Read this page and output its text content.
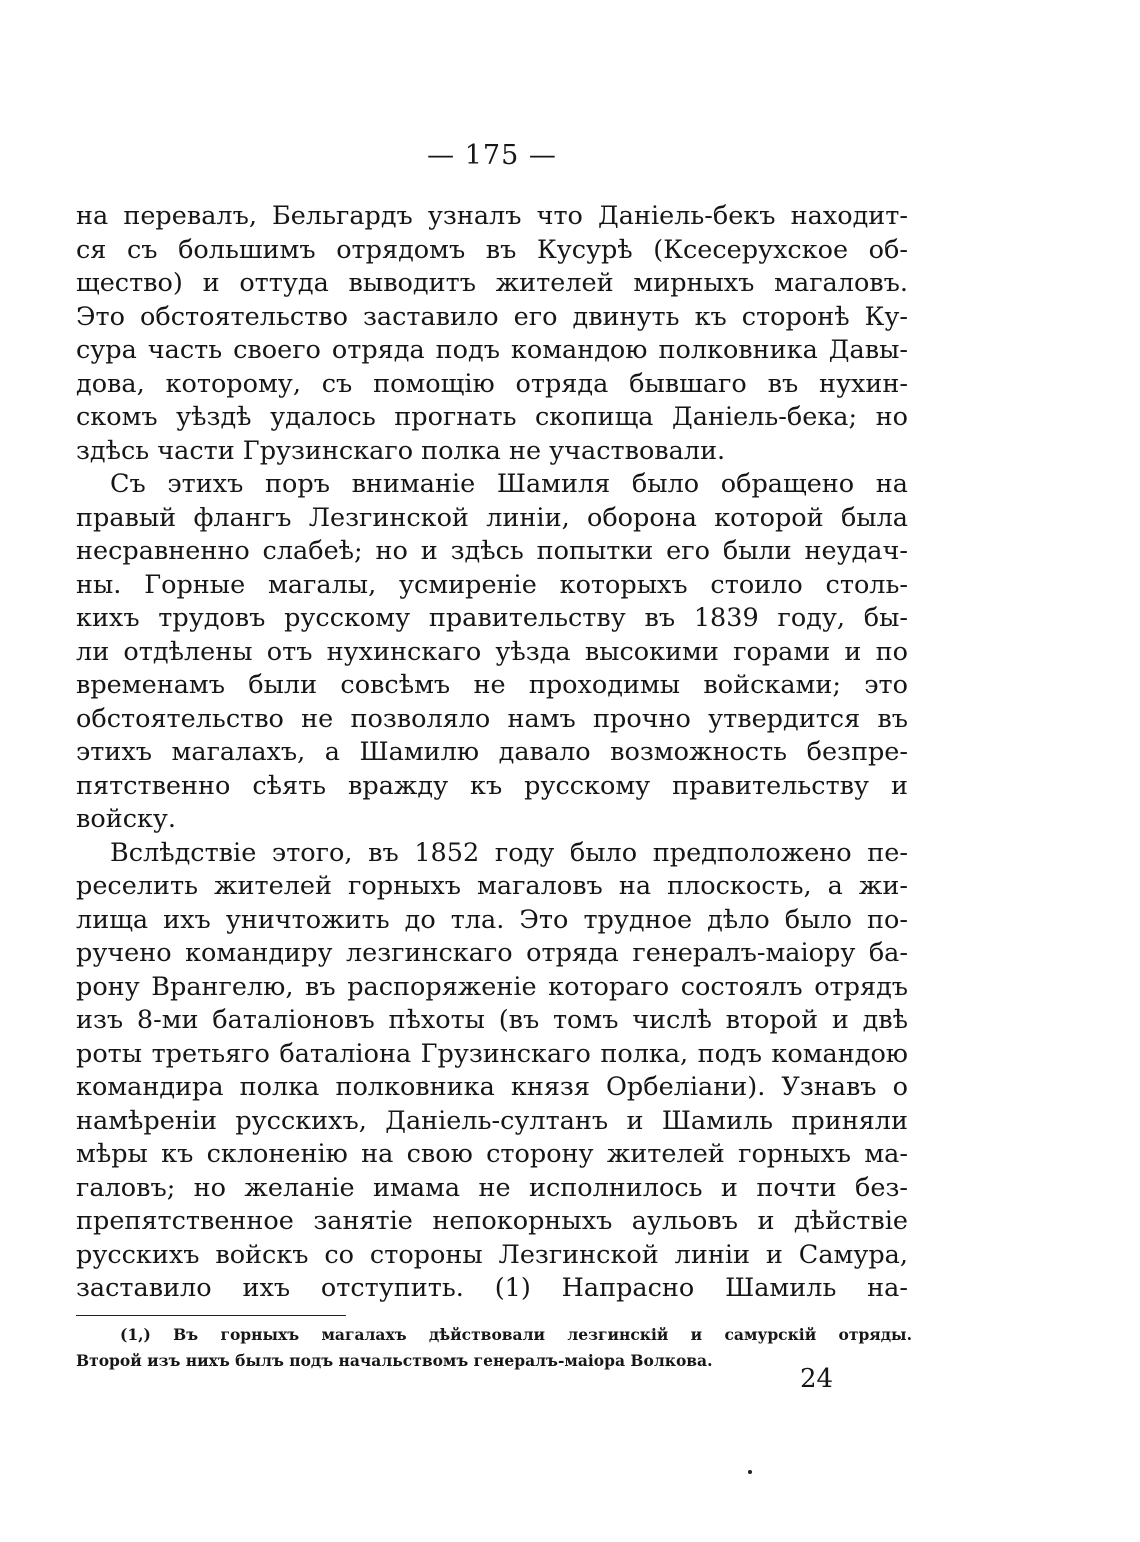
— 175 —
на перевалъ, Бельгардъ узналъ что Даніель-бекъ находит-
ся съ большимъ отрядомъ въ Кусурѣ (Ксесерухское об-
щество) и оттуда выводитъ жителей мирныхъ магаловъ.
Это обстоятельство заставило его двинуть къ сторонѣ Ку-
сура часть своего отряда подъ командою полковника Давы-
дова, которому, съ помощію отряда бывшаго въ нухин-
скомъ уѣздѣ удалось прогнать скопища Даніель-бека; но
здѣсь части Грузинскаго полка не участвовали.
Съ этихъ поръ вниманіе Шамиля было обращено на
правый флангъ Лезгинской линіи, оборона которой была
несравненно слабеѣ; но и здѣсь попытки его были неудач-
ны. Горные магалы, усмиреніе которыхъ стоило столь-
кихъ трудовъ русскому правительству въ 1839 году, бы-
ли отдѣлены отъ нухинскаго уѣзда высокими горами и по
временамъ были совсѣмъ не проходимы войсками; это
обстоятельство не позволяло намъ прочно утвердится въ
этихъ магалахъ, а Шамилю давало возможность безпре-
пятственно сѣять вражду къ русскому правительству и
войску.
Вслѣдствіе этого, въ 1852 году было предположено пе-
реселить жителей горныхъ магаловъ на плоскость, а жи-
лища ихъ уничтожить до тла. Это трудное дѣло было по-
ручено командиру лезгинскаго отряда генералъ-маіору ба-
рону Врангелю, въ распоряженіе котораго состоялъ отрядъ
изъ 8-ми баталіоновъ пѣхоты (въ томъ числѣ второй и двѣ
роты третьяго баталіона Грузинскаго полка, подъ командою
командира полка полковника князя Орбеліани). Узнавъ о
намѣреніи русскихъ, Даніель-султанъ и Шамиль приняли
мѣры къ склоненію на свою сторону жителей горныхъ ма-
галовъ; но желаніе имама не исполнилось и почти без-
препятственное занятіе непокорныхъ аульовъ и дѣйствіе
русскихъ войскъ со стороны Лезгинской линіи и Самура,
заставило ихъ отступить. (1) Напрасно Шамиль на-
(1,) Въ горныхъ магалахъ дѣйствовали лезгинскій и самурскій отряды.
Второй изъ нихъ былъ подъ начальствомъ генералъ-маіора Волкова.
24
